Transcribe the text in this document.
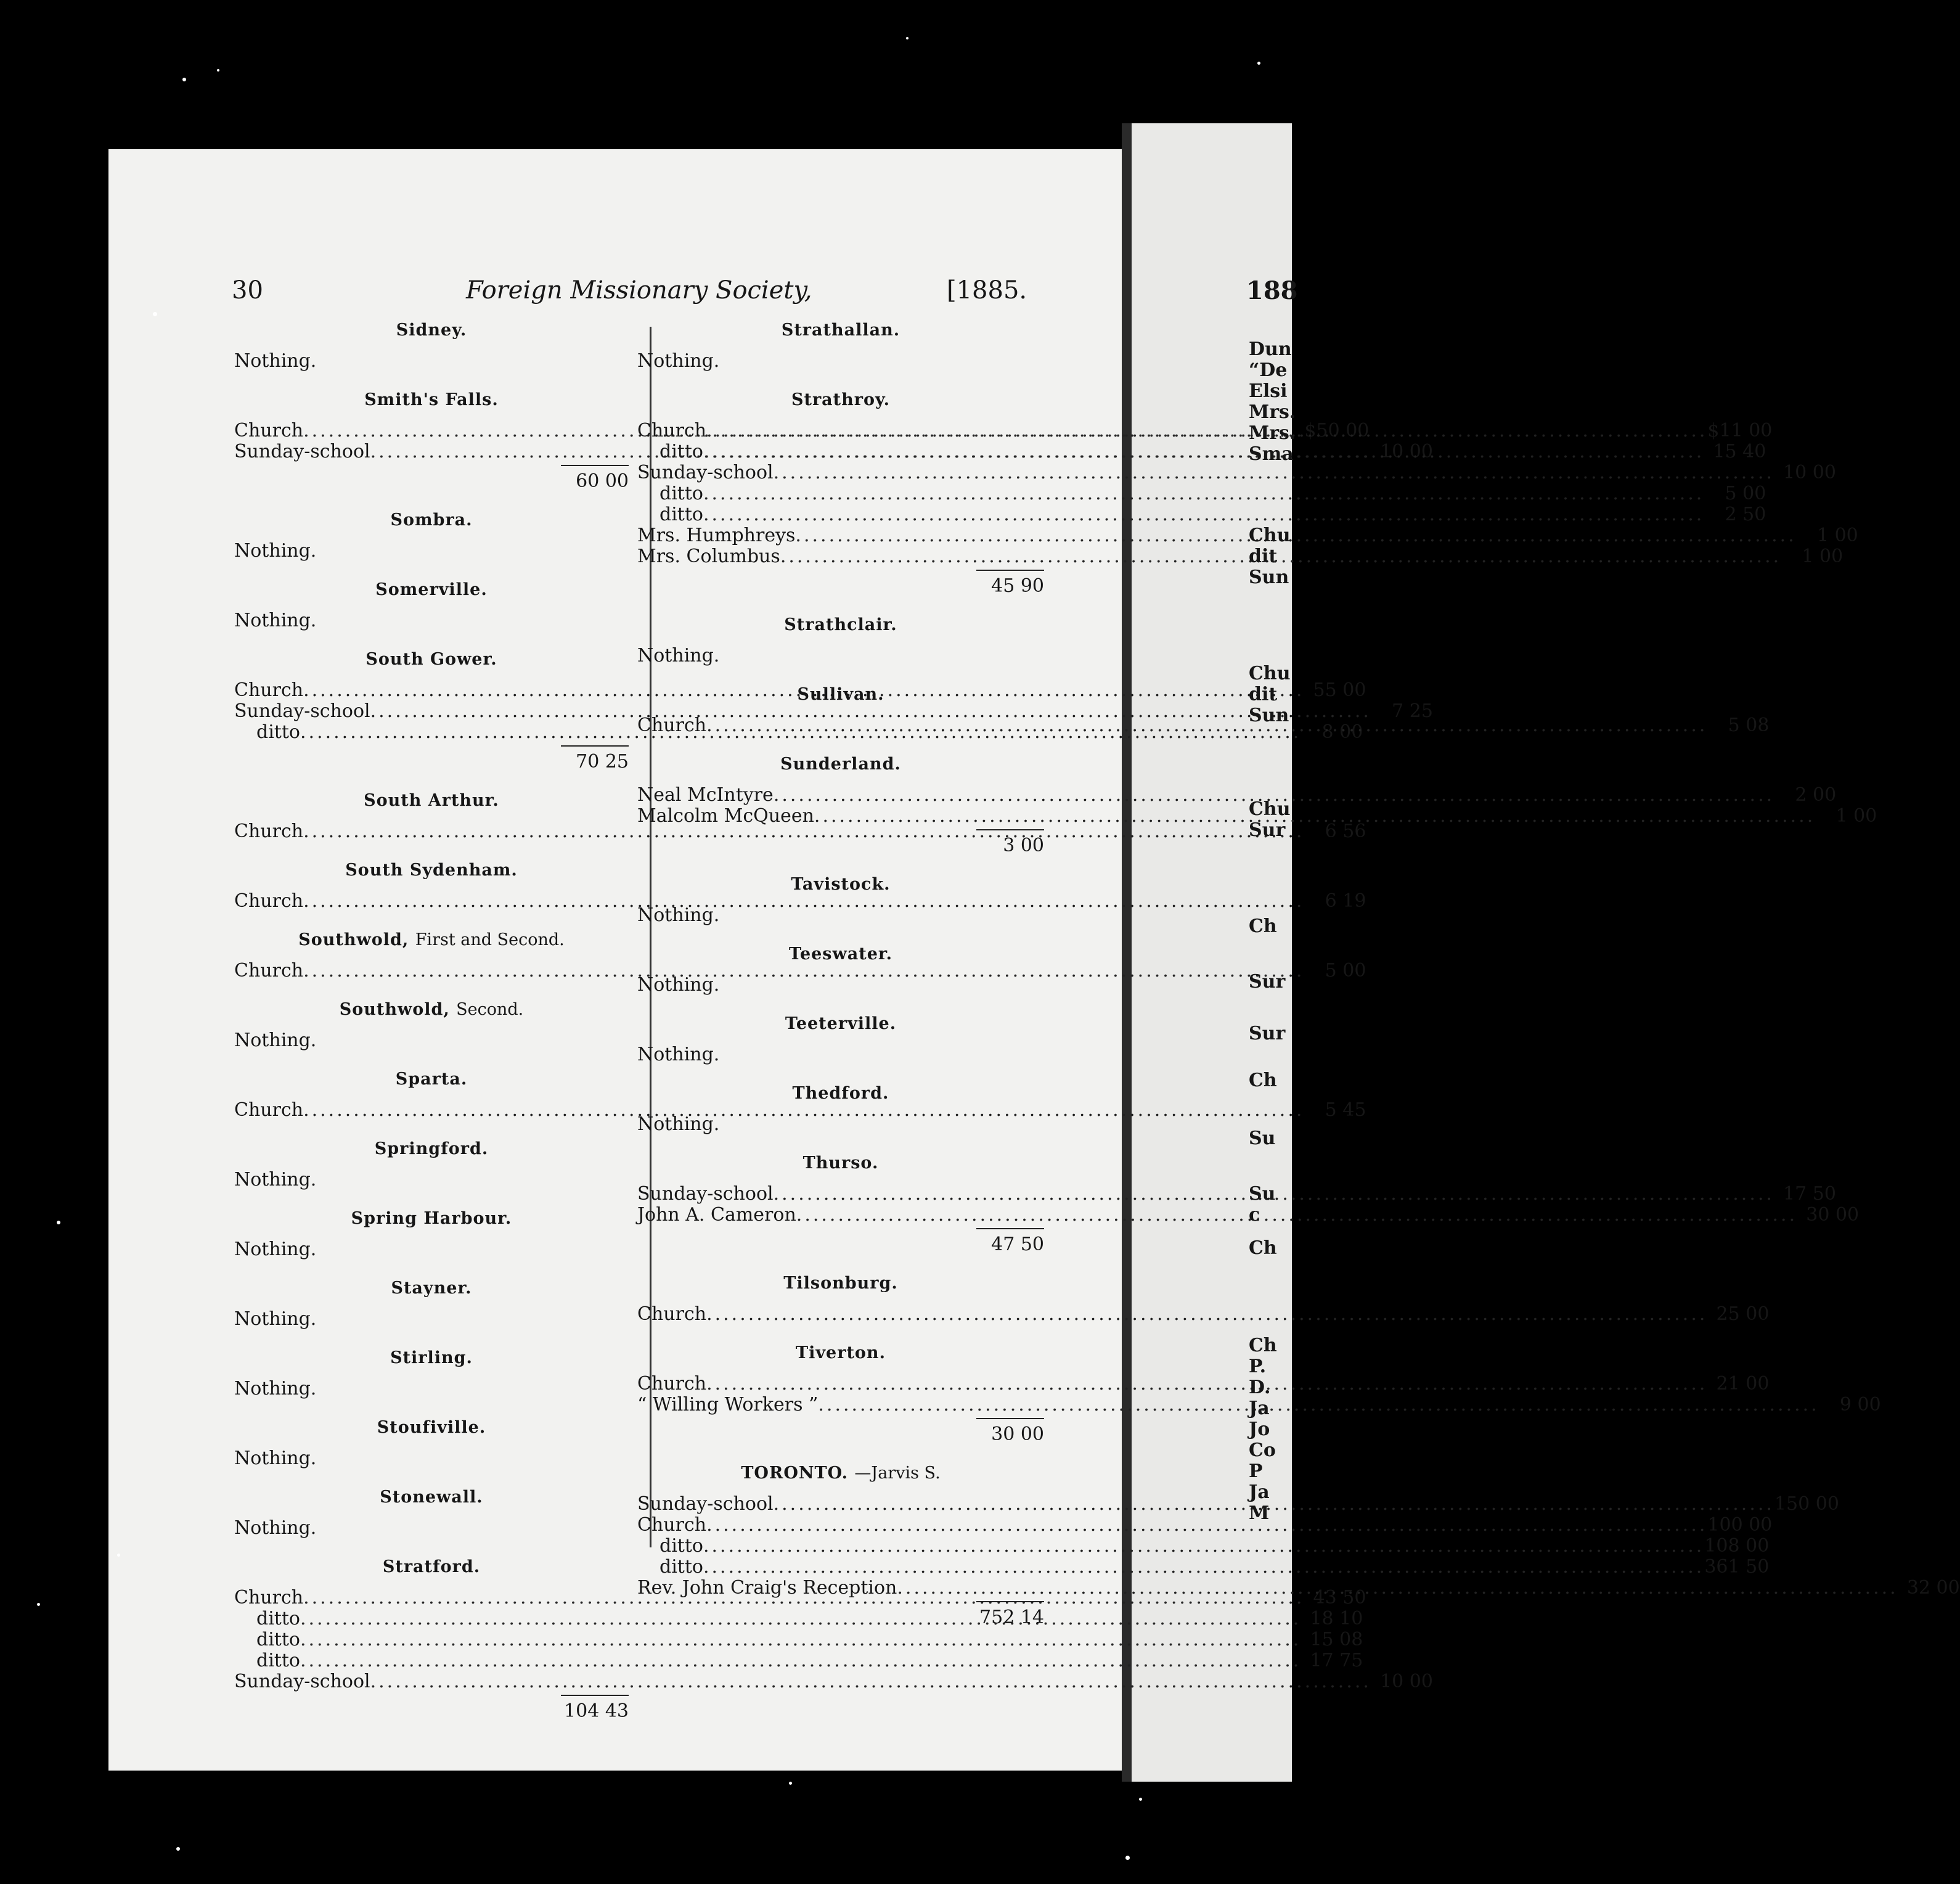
30	Foreign Missionary Society,	[1885.	188
Sidney.
Nothing.
Smith's Falls.
Church .....	$50 00
Sunday-school .....	10 00
60 00
Sombra.
Nothing.
Somerville.
Nothing.
South Gower.
Church .....	55 00
Sunday-school .....	7 25
ditto .....	8 00
70 25
South Arthur.
Church .....	6 56
South Sydenham.
Church .....	6 19
Southwold, First and Second.
Church .....	5 00
Southwold, Second.
Nothing.
Sparta.
Church .....	5 45
Springford.
Nothing.
Spring Harbour.
Nothing.
Stayner.
Nothing.
Stirling.
Nothing.
Stoufiville.
Nothing.
Stonewall.
Nothing.
Stratford.
Church .....	43 50
ditto .....	18 10
ditto .....	15 08
ditto .....	17 75
Sunday-school .....	10 00
104 43
Strathallan.
Nothing.
Strathroy.
Church .....	$11 00
ditto .....	15 40
Sunday-school .....	10 00
ditto .....	5 00
ditto .....	2 50
Mrs. Humphreys .....	1 00
Mrs. Columbus .....	1 00
45 90
Strathclair.
Nothing.
Sullivan.
Church .....	5 08
Sunderland.
Neal McIntyre .....	2 00
Malcolm McQueen .....	1 00
3 00
Tavistock.
Nothing.
Teeswater.
Nothing.
Teeterville.
Nothing.
Thedford.
Nothing.
Thurso.
Sunday-school .....	17 50
John A. Cameron .....	30 00
47 50
Tilsonburg.
Church .....	25 00
Tiverton.
Church .....	21 00
“ Willing Workers ” .....	9 00
30 00
TORONTO. —Jarvis S.
Sunday-school .....	150 00
Church .....	100 00
ditto .....	108 00
ditto .....	361 50
Rev. John Craig's Reception .....	32 00
752 14
Dun
“De
Elsi
Mrs.
Mrs.
Sma
Chu
dit
Sun
Chu
dit
Sun
Chu
Sur
Ch
Sur
Sur
Ch
Su
Su
c
Ch
Ch
P.
D.
Ja
Jo
Co
P
Ja
M
